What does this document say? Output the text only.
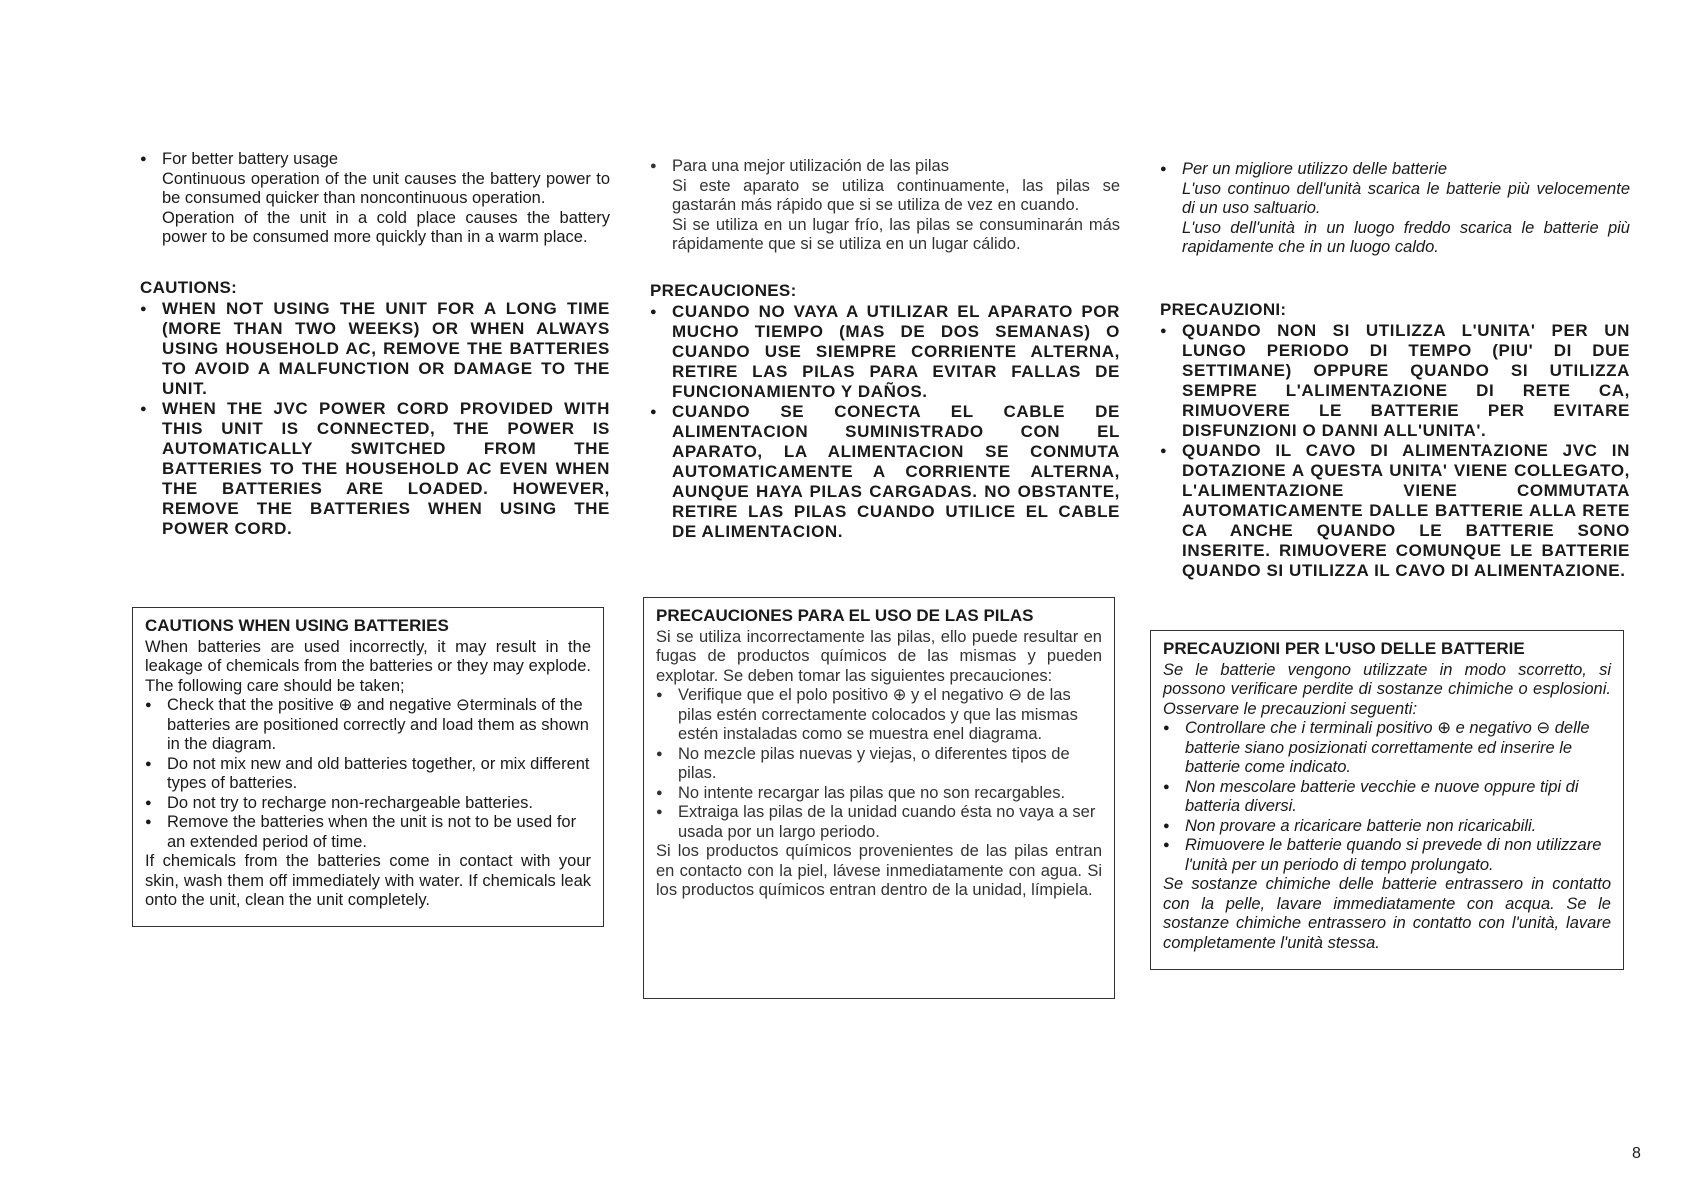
● For better battery usage

Continuous operation of the unit causes the battery power to be consumed quicker than noncontinuous operation.

Operation of the unit in a cold place causes the battery power to be consumed more quickly than in a warm place.

CAUTIONS:
● WHEN NOT USING THE UNIT FOR A LONG TIME (MORE THAN TWO WEEKS) OR WHEN ALWAYS USING HOUSEHOLD AC, REMOVE THE BATTERIES TO AVOID A MALFUNCTION OR DAMAGE TO THE UNIT.
● WHEN THE JVC POWER CORD PROVIDED WITH THIS UNIT IS CONNECTED, THE POWER IS AUTOMATICALLY SWITCHED FROM THE BATTERIES TO THE HOUSEHOLD AC EVEN WHEN THE BATTERIES ARE LOADED. HOWEVER, REMOVE THE BATTERIES WHEN USING THE POWER CORD.
CAUTIONS WHEN USING BATTERIES

When batteries are used incorrectly, it may result in the leakage of chemicals from the batteries or they may explode. The following care should be taken;

● Check that the positive ⊕ and negative ⊖terminals of the batteries are positioned correctly and load them as shown in the diagram.
● Do not mix new and old batteries together, or mix different types of batteries.
● Do not try to recharge non-rechargeable batteries.
● Remove the batteries when the unit is not to be used for an extended period of time.

If chemicals from the batteries come in contact with your skin, wash them off immediately with water. If chemicals leak onto the unit, clean the unit completely.

● Para una mejor utilización de las pilas

Si este aparato se utiliza continuamente, las pilas se gastarán más rápido que si se utiliza de vez en cuando.

Si se utiliza en un lugar frío, las pilas se consuminarán más rápidamente que si se utiliza en un lugar cálido.

PRECAUCIONES:
● CUANDO NO VAYA A UTILIZAR EL APARATO POR MUCHO TIEMPO (MAS DE DOS SEMANAS) O CUANDO USE SIEMPRE CORRIENTE ALTERNA, RETIRE LAS PILAS PARA EVITAR FALLAS DE FUNCIONAMIENTO Y DAÑOS.
● CUANDO SE CONECTA EL CABLE DE ALIMENTACION SUMINISTRADO CON EL APARATO, LA ALIMENTACION SE CONMUTA AUTOMATICAMENTE A CORRIENTE ALTERNA, AUNQUE HAYA PILAS CARGADAS. NO OBSTANTE, RETIRE LAS PILAS CUANDO UTILICE EL CABLE DE ALIMENTACION.
PRECAUCIONES PARA EL USO DE LAS PILAS

Si se utiliza incorrectamente las pilas, ello puede resultar en fugas de productos químicos de las mismas y pueden explotar. Se deben tomar las siguientes precauciones:

● Verifique que el polo positivo ⊕ y el negativo ⊖ de las pilas estén correctamente colocados y que las mismas estén instaladas como se muestra enel diagrama.
● No mezcle pilas nuevas y viejas, o diferentes tipos de pilas.
● No intente recargar las pilas que no son recargables.
● Extraiga las pilas de la unidad cuando ésta no vaya a ser usada por un largo periodo.

Si los productos químicos provenientes de las pilas entran en contacto con la piel, lávese inmediatamente con agua. Si los productos químicos entran dentro de la unidad, límpiela.

● Per un migliore utilizzo delle batterie

L'uso continuo dell'unità scarica le batterie più velocemente di un uso saltuario.

L'uso dell'unità in un luogo freddo scarica le batterie più rapidamente che in un luogo caldo.

PRECAUZIONI:
● QUANDO NON SI UTILIZZA L'UNITA' PER UN LUNGO PERIODO DI TEMPO (PIU' DI DUE SETTIMANE) OPPURE QUANDO SI UTILIZZA SEMPRE L'ALIMENTAZIONE DI RETE CA, RIMUOVERE LE BATTERIE PER EVITARE DISFUNZIONI O DANNI ALL'UNITA'.
● QUANDO IL CAVO DI ALIMENTAZIONE JVC IN DOTAZIONE A QUESTA UNITA' VIENE COLLEGATO, L'ALIMENTAZIONE VIENE COMMUTATA AUTOMATICAMENTE DALLE BATTERIE ALLA RETE CA ANCHE QUANDO LE BATTERIE SONO INSERITE. RIMUOVERE COMUNQUE LE BATTERIE QUANDO SI UTILIZZA IL CAVO DI ALIMENTAZIONE.
PRECAUZIONI PER L'USO DELLE BATTERIE

Se le batterie vengono utilizzate in modo scorretto, si possono verificare perdite di sostanze chimiche o esplosioni. Osservare le precauzioni seguenti:

● Controllare che i terminali positivo ⊕ e negativo ⊖ delle batterie siano posizionati correttamente ed inserire le batterie come indicato.
● Non mescolare batterie vecchie e nuove oppure tipi di batteria diversi.
● Non provare a ricaricare batterie non ricaricabili.
● Rimuovere le batterie quando si prevede di non utilizzare l'unità per un periodo di tempo prolungato.

Se sostanze chimiche delle batterie entrassero in contatto con la pelle, lavare immediatamente con acqua. Se le sostanze chimiche entrassero in contatto con l'unità, lavare completamente l'unità stessa.

8
